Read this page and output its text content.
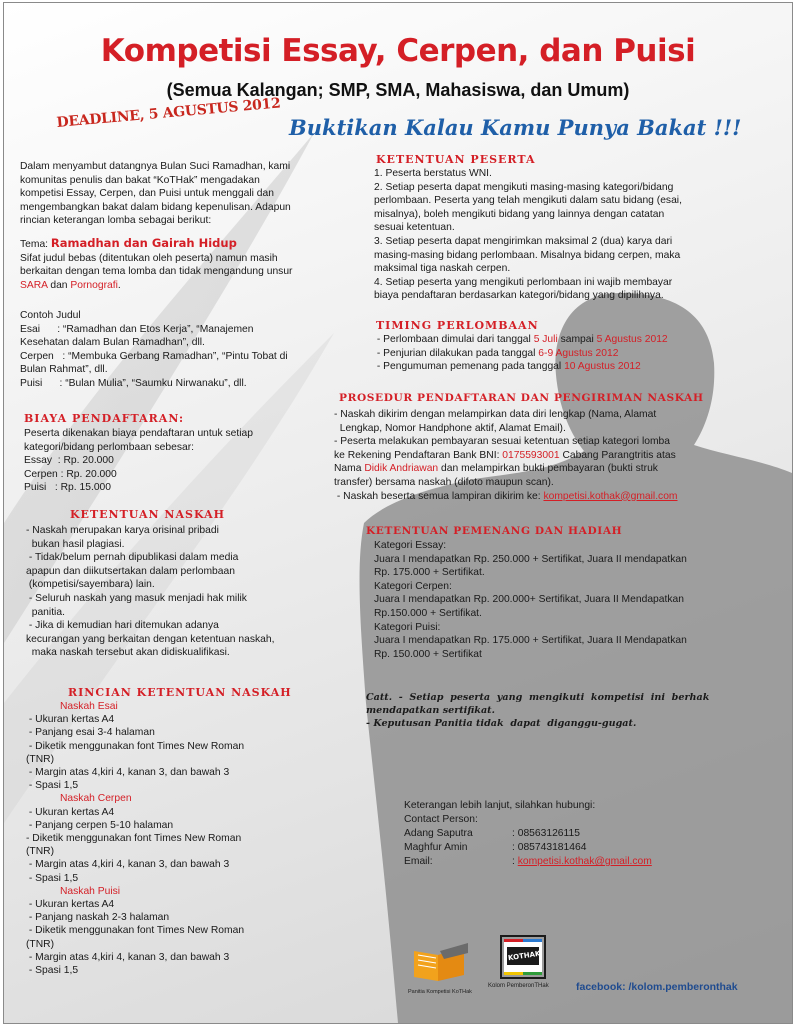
Kompetisi Essay, Cerpen, dan Puisi
(Semua Kalangan; SMP, SMA, Mahasiswa, dan Umum)
DEADLINE, 5 AGUSTUS 2012 Buktikan Kalau Kamu Punya Bakat !!!
Dalam menyambut datangnya Bulan Suci Ramadhan, kami
komunitas penulis dan bakat “KoTHak” mengadakan
kompetisi Essay, Cerpen, dan Puisi untuk menggali dan
mengembangkan bakat dalam bidang kepenulisan. Adapun
rincian keterangan lomba sebagai berikut:
Tema: Ramadhan dan Gairah Hidup
Sifat judul bebas (ditentukan oleh peserta) namun masih
berkaitan dengan tema lomba dan tidak mengandung unsur
SARA dan Pornografi.
Contoh Judul
Esai      : “Ramadhan dan Etos Kerja”, “Manajemen
Kesehatan dalam Bulan Ramadhan”, dll.
Cerpen   : “Membuka Gerbang Ramadhan”, “Pintu Tobat di
Bulan Rahmat”, dll.
Puisi      : “Bulan Mulia”, “Saumku Nirwanaku”, dll.
BIAYA PENDAFTARAN:
Peserta dikenakan biaya pendaftaran untuk setiap
kategori/bidang perlombaan sebesar:
Essay  : Rp. 20.000
Cerpen : Rp. 20.000
Puisi   : Rp. 15.000
KETENTUAN NASKAH
- Naskah merupakan karya orisinal pribadi
bukan hasil plagiasi.
- Tidak/belum pernah dipublikasi dalam media
apapun dan diikutsertakan dalam perlombaan
(kompetisi/sayembara) lain.
- Seluruh naskah yang masuk menjadi hak milik
panitia.
- Jika di kemudian hari ditemukan adanya
kecurangan yang berkaitan dengan ketentuan naskah,
maka naskah tersebut akan didiskualifikasi.
RINCIAN KETENTUAN NASKAH
Naskah Esai
- Ukuran kertas A4
- Panjang esai 3-4 halaman
- Diketik menggunakan font Times New Roman
(TNR)
- Margin atas 4,kiri 4, kanan 3, dan bawah 3
- Spasi 1,5
Naskah Cerpen
- Ukuran kertas A4
- Panjang cerpen 5-10 halaman
- Diketik menggunakan font Times New Roman
(TNR)
- Margin atas 4,kiri 4, kanan 3, dan bawah 3
- Spasi 1,5
Naskah Puisi
- Ukuran kertas A4
- Panjang naskah 2-3 halaman
- Diketik menggunakan font Times New Roman
(TNR)
- Margin atas 4,kiri 4, kanan 3, dan bawah 3
- Spasi 1,5
KETENTUAN PESERTA
1. Peserta berstatus WNI.
2. Setiap peserta dapat mengikuti masing-masing kategori/bidang
perlombaan. Peserta yang telah mengikuti dalam satu bidang (esai,
misalnya), boleh mengikuti bidang yang lainnya dengan catatan
sesuai ketentuan.
3. Setiap peserta dapat mengirimkan maksimal 2 (dua) karya dari
masing-masing bidang perlombaan. Misalnya bidang cerpen, maka
maksimal tiga naskah cerpen.
4. Setiap peserta yang mengikuti perlombaan ini wajib membayar
biaya pendaftaran berdasarkan kategori/bidang yang dipilihnya.
TIMING PERLOMBAAN
- Perlombaan dimulai dari tanggal 5 Juli sampai 5 Agustus 2012
- Penjurian dilakukan pada tanggal 6-9 Agustus 2012
- Pengumuman pemenang pada tanggal 10 Agustus 2012
PROSEDUR PENDAFTARAN DAN PENGIRIMAN NASKAH
- Naskah dikirim dengan melampirkan data diri lengkap (Nama, Alamat
Lengkap, Nomor Handphone aktif, Alamat Email).
- Peserta melakukan pembayaran sesuai ketentuan setiap kategori lomba
ke Rekening Pendaftaran Bank BNI: 0175593001 Cabang Parangtritis atas
Nama Didik Andriawan dan melampirkan bukti pembayaran (bukti struk
transfer) bersama naskah (difoto maupun scan).
- Naskah beserta semua lampiran dikirim ke: kompetisi.kothak@gmail.com
KETENTUAN PEMENANG DAN HADIAH
Kategori Essay:
Juara I mendapatkan Rp. 250.000 + Sertifikat, Juara II mendapatkan
Rp. 175.000 + Sertifikat.
Kategori Cerpen:
Juara I mendapatkan Rp. 200.000+ Sertifikat, Juara II Mendapatkan
Rp.150.000 + Sertifikat.
Kategori Puisi:
Juara I mendapatkan Rp. 175.000 + Sertifikat, Juara II Mendapatkan
Rp. 150.000 + Sertifikat
Catt.  -  Setiap  peserta  yang  mengikuti  kompetisi  ini  berhak
mendapatkan sertifikat.
- Keputusan Panitia tidak  dapat  diganggu-gugat.
Keterangan lebih lanjut, silahkan hubungi:
Contact Person:
Adang Saputra	: 08563126115
Maghfur Amin	: 085743181464
Email:	: kompetisi.kothak@gmail.com
Panitia Kompetisi KoTHak
KOTHAK
Kolom PemberonTHak	facebook: /kolom.pemberonthak
